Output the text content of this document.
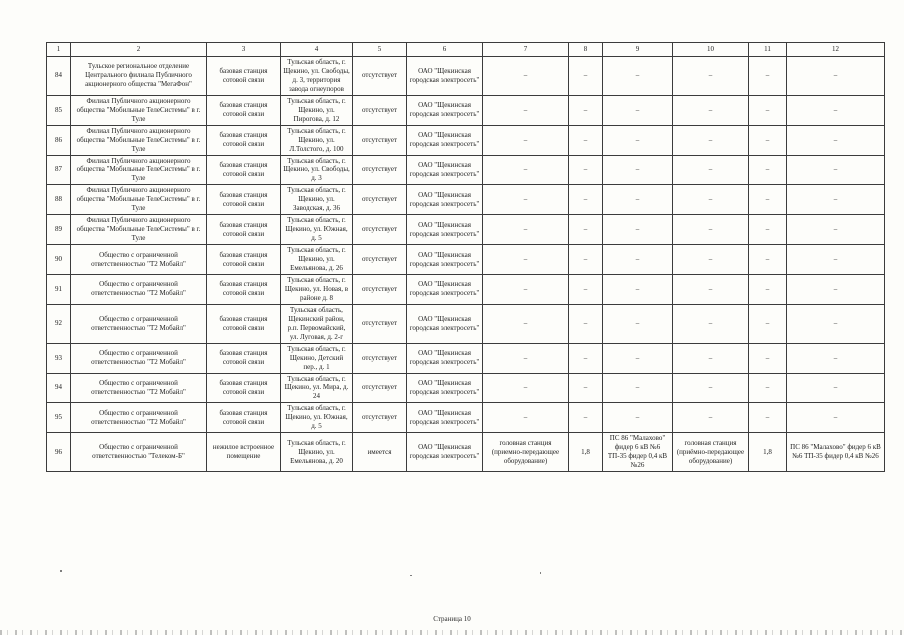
1	2	3	4	5	6	7	8	9	10	11	12
84	Тульское региональное отделение Центрального филиала Публичного акционерного общества "МегаФон"	базовая станция сотовой связи	Тульская область, г. Щекино, ул. Свободы, д. 3, территория завода огнеупоров	отсутствует	ОАО "Щекинская городская электросеть"	–	–	–	–	–	–
85	Филиал Публичного акционерного общества "Мобильные ТелеСистемы" в г. Туле	базовая станция сотовой связи	Тульская область, г. Щекино, ул. Пирогова, д. 12	отсутствует	ОАО "Щекинская городская электросеть"	–	–	–	–	–	–
86	Филиал Публичного акционерного общества "Мобильные ТелеСистемы" в г. Туле	базовая станция сотовой связи	Тульская область, г. Щекино, ул. Л.Толстого, д. 100	отсутствует	ОАО "Щекинская городская электросеть"	–	–	–	–	–	–
87	Филиал Публичного акционерного общества "Мобильные ТелеСистемы" в г. Туле	базовая станция сотовой связи	Тульская область, г. Щекино, ул. Свободы, д. 3	отсутствует	ОАО "Щекинская городская электросеть"	–	–	–	–	–	–
88	Филиал Публичного акционерного общества "Мобильные ТелеСистемы" в г. Туле	базовая станция сотовой связи	Тульская область, г. Щекино, ул. Заводская, д. 36	отсутствует	ОАО "Щекинская городская электросеть"	–	–	–	–	–	–
89	Филиал Публичного акционерного общества "Мобильные ТелеСистемы" в г. Туле	базовая станция сотовой связи	Тульская область, г. Щекино, ул. Южная, д. 5	отсутствует	ОАО "Щекинская городская электросеть"	–	–	–	–	–	–
90	Общество с ограниченной ответственностью "Т2 Мобайл"	базовая станция сотовой связи	Тульская область, г. Щекино, ул. Емельянова, д. 26	отсутствует	ОАО "Щекинская городская электросеть"	–	–	–	–	–	–
91	Общество с ограниченной ответственностью "Т2 Мобайл"	базовая станция сотовой связи	Тульская область, г. Щекино, ул. Новая, в районе д. 8	отсутствует	ОАО "Щекинская городская электросеть"	–	–	–	–	–	–
92	Общество с ограниченной ответственностью "Т2 Мобайл"	базовая станция сотовой связи	Тульская область, Щекинский район, р.п. Первомайский, ул. Луговая, д. 2-г	отсутствует	ОАО "Щекинская городская электросеть"	–	–	–	–	–	–
93	Общество с ограниченной ответственностью "Т2 Мобайл"	базовая станция сотовой связи	Тульская область, г. Щекино, Детский пер., д. 1	отсутствует	ОАО "Щекинская городская электросеть"	–	–	–	–	–	–
94	Общество с ограниченной ответственностью "Т2 Мобайл"	базовая станция сотовой связи	Тульская область, г. Щекино, ул. Мира, д. 24	отсутствует	ОАО "Щекинская городская электросеть"	–	–	–	–	–	–
95	Общество с ограниченной ответственностью "Т2 Мобайл"	базовая станция сотовой связи	Тульская область, г. Щекино, ул. Южная, д. 5	отсутствует	ОАО "Щекинская городская электросеть"	–	–	–	–	–	–
96	Общество с ограниченной ответственностью "Телеком-Б"	нежилое встроенное помещение	Тульская область, г. Щекино, ул. Емельянова, д. 20	имеется	ОАО "Щекинская городская электросеть"	головная станция (приемно-передающее оборудование)	1,8	ПС 86 "Малахово" фидер 6 кВ №6 ТП-35 фидер 0,4 кВ №26	головная станция (приёмно-передающее оборудование)	1,8	ПС 86 "Малахово" фидер 6 кВ №6 ТП-35 фидер 0,4 кВ №26
Страница 10
